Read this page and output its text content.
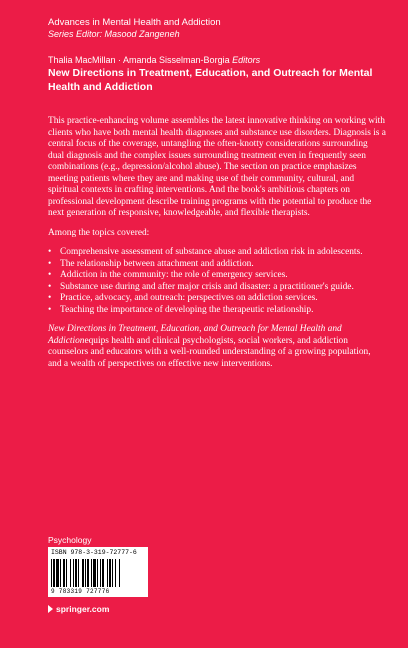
Advances in Mental Health and Addiction
Series Editor: Masood Zangeneh
Thalia MacMillan · Amanda Sisselman-Borgia Editors
New Directions in Treatment, Education, and Outreach for Mental Health and Addiction

This practice-enhancing volume assembles the latest innovative thinking on working with clients who have both mental health diagnoses and substance use disorders. Diagnosis is a central focus of the coverage, untangling the often-knotty considerations surrounding dual diagnosis and the complex issues surrounding treatment even in frequently seen combinations (e.g., depression/alcohol abuse). The section on practice emphasizes meeting patients where they are and making use of their community, cultural, and spiritual contexts in crafting interventions. And the book's ambitious chapters on professional development describe training programs with the potential to produce the next generation of responsive, knowledgeable, and flexible therapists.

Among the topics covered:

• Comprehensive assessment of substance abuse and addiction risk in adolescents.
• The relationship between attachment and addiction.
• Addiction in the community: the role of emergency services.
• Substance use during and after major crisis and disaster: a practitioner's guide.
• Practice, advocacy, and outreach: perspectives on addiction services.
• Teaching the importance of developing the therapeutic relationship.

New Directions in Treatment, Education, and Outreach for Mental Health and Addictionequips health and clinical psychologists, social workers, and addiction counselors and educators with a well-rounded understanding of a growing population, and a wealth of perspectives on effective new interventions.

Psychology
ISBN 978-3-319-72777-6
9 783319 727776
springer.com
